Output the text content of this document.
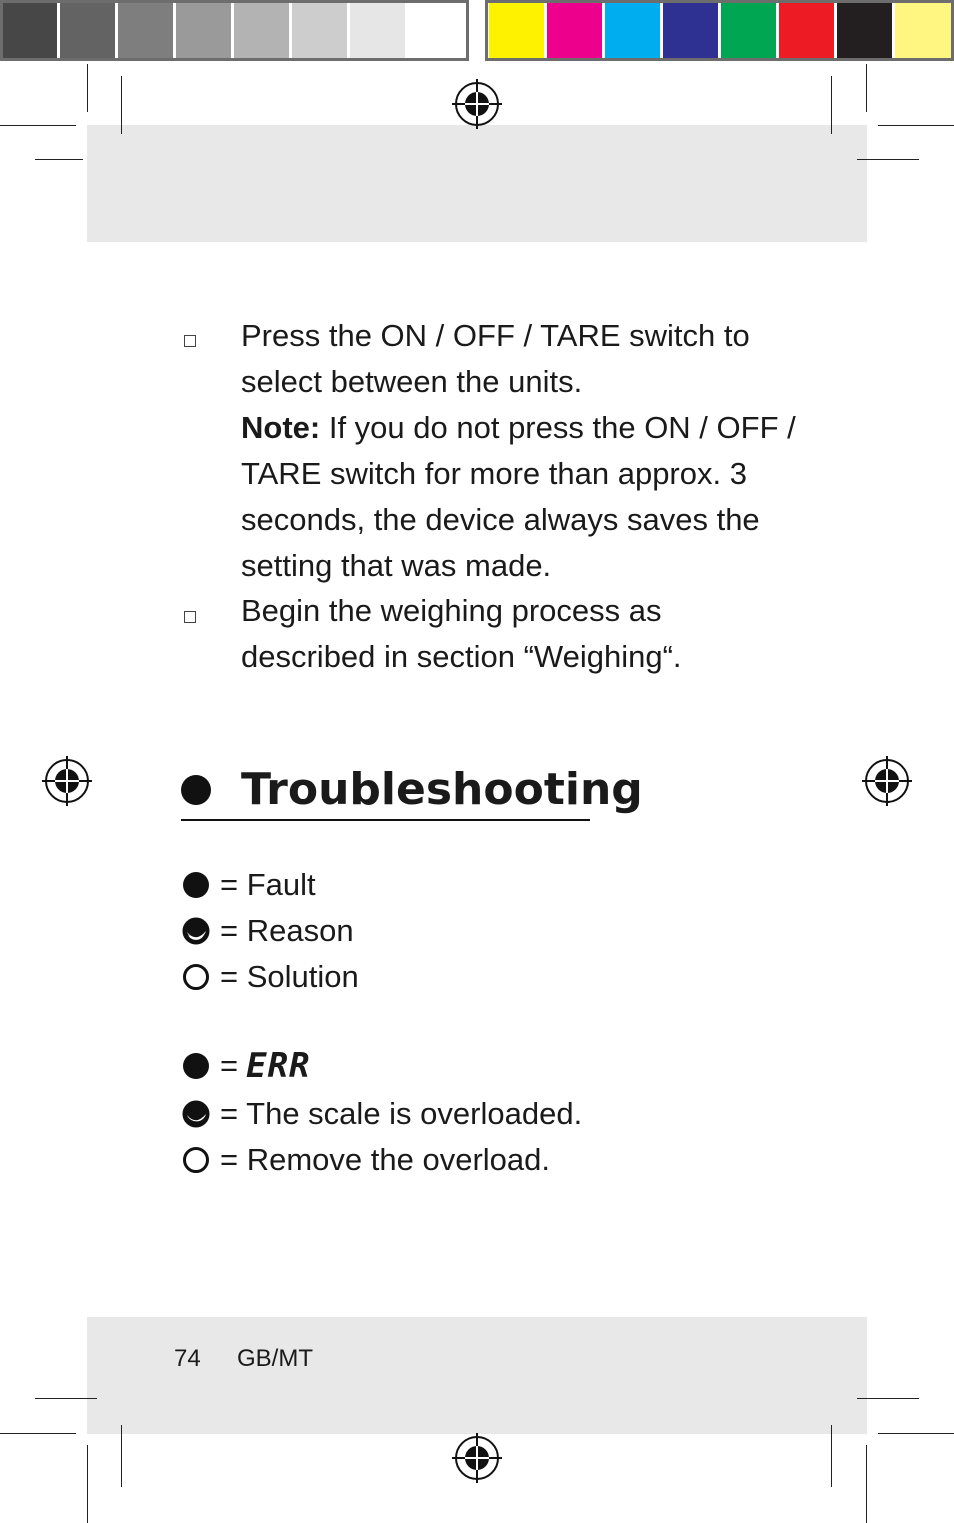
Press the ON / OFF / TARE switch to select between the units.
Note: If you do not press the ON / OFF / TARE switch for more than approx. 3 seconds, the device always saves the setting that was made.
Begin the weighing process as described in section “Weighing“.
Troubleshooting
= Fault
= Reason
= Solution
= ERR
= The scale is overloaded.
= Remove the overload.
74 GB/MT
